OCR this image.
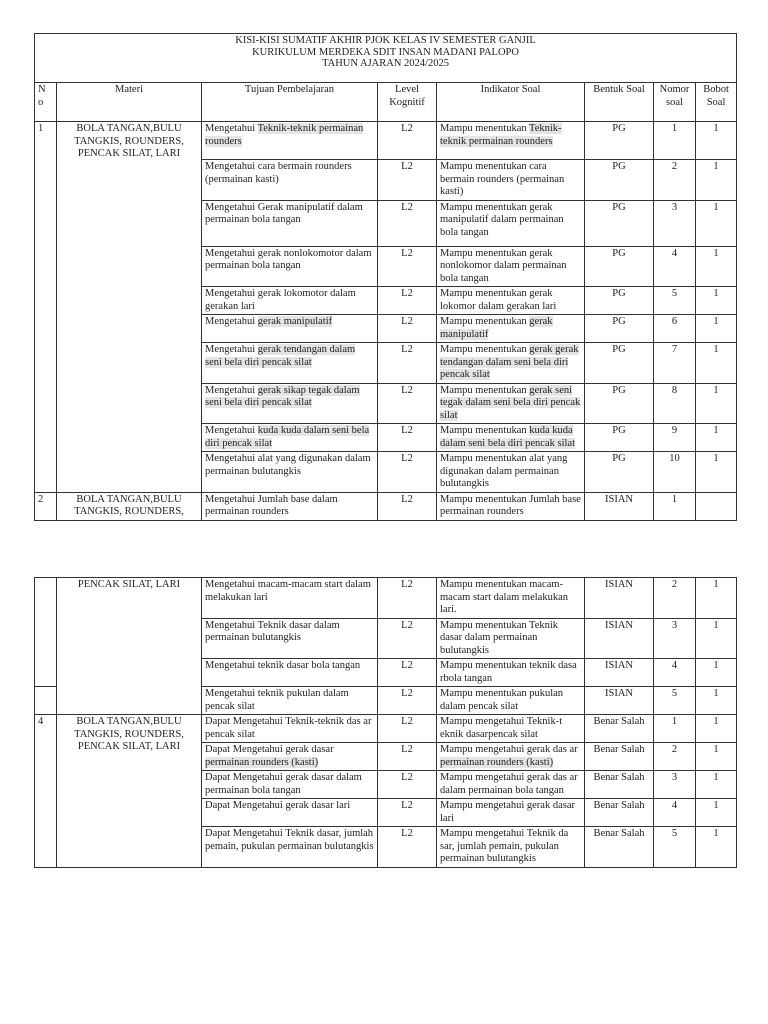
KISI-KISI SUMATIF AKHIR PJOK KELAS IV SEMESTER GANJIL
KURIKULUM MERDEKA SDIT INSAN MADANI PALOPO
TAHUN AJARAN 2024/2025							

N o	Materi	Tujuan Pembelajaran	Level Kognitif	Indikator Soal	Bentuk Soal	Nomor soal	Bobot Soal
1	BOLA TANGAN,BULU TANGKIS, ROUNDERS, PENCAK SILAT, LARI	Mengetahui Teknik-teknik permainan rounders	L2	Mampu menentukan Teknik-teknik permainan rounders	PG	1	1
		Mengetahui cara bermain rounders (permainan kasti)	L2	Mampu menentukan cara bermain rounders (permainan kasti)	PG	2	1
		Mengetahui Gerak manipulatif dalam permainan bola tangan	L2	Mampu menentukan gerak manipulatif dalam permainan bola tangan	PG	3	1
		Mengetahui gerak nonlokomotor dalam permainan bola tangan	L2	Mampu menentukan gerak nonlokomor dalam permainan bola tangan	PG	4	1
		Mengetahui gerak lokomotor dalam gerakan lari	L2	Mampu menentukan gerak lokomor dalam gerakan lari	PG	5	1
		Mengetahui gerak manipulatif	L2	Mampu menentukan gerak manipulatif	PG	6	1
		Mengetahui gerak tendangan dalam seni bela diri pencak silat	L2	Mampu menentukan gerak gerak tendangan dalam seni bela diri pencak silat	PG	7	1
		Mengetahui gerak sikap tegak dalam seni bela diri pencak silat	L2	Mampu menentukan gerak seni tegak dalam seni bela diri pencak silat	PG	8	1
		Mengetahui kuda kuda dalam seni bela diri pencak silat	L2	Mampu menentukan kuda kuda dalam seni bela diri pencak silat	PG	9	1
		Mengetahui alat yang digunakan dalam permainan bulutangkis	L2	Mampu menentukan alat yang digunakan dalam permainan bulutangkis	PG	10	1
2	BOLA TANGAN,BULU TANGKIS, ROUNDERS,	Mengetahui Jumlah base dalam permainan rounders	L2	Mampu menentukan Jumlah base permainan rounders	ISIAN	1	
	PENCAK SILAT, LARI	Mengetahui macam-macam start dalam melakukan lari	L2	Mampu menentukan macam-macam start dalam melakukan lari.	ISIAN	2	1
		Mengetahui Teknik dasar dalam permainan bulutangkis	L2	Mampu menentukan Teknik dasar dalam permainan bulutangkis	ISIAN	3	1
		Mengetahui teknik dasar bola tangan	L2	Mampu menentukan teknik dasa rbola tangan	ISIAN	4	1
		Mengetahui teknik pukulan dalam pencak silat	L2	Mampu menentukan pukulan dalam pencak silat	ISIAN	5	1
4	BOLA TANGAN,BULU TANGKIS, ROUNDERS, PENCAK SILAT, LARI	Dapat Mengetahui Teknik-teknik das ar pencak silat	L2	Mampu mengetahui Teknik-t eknik dasarpencak silat	Benar Salah	1	1
		Dapat Mengetahui gerak dasar permainan rounders (kasti)	L2	Mampu mengetahui gerak das ar permainan rounders (kasti)	Benar Salah	2	1
		Dapat Mengetahui gerak dasar dalam permainan bola tangan	L2	Mampu mengetahui gerak das ar dalam permainan bola tangan	Benar Salah	3	1
		Dapat Mengetahui gerak dasar lari	L2	Mampu mengetahui gerak dasar lari	Benar Salah	4	1
		Dapat Mengetahui Teknik dasar, jumlah pemain, pukulan permainan bulutangkis	L2	Mampu mengetahui Teknik da sar, jumlah pemain, pukulan permainan bulutangkis	Benar Salah	5	1
